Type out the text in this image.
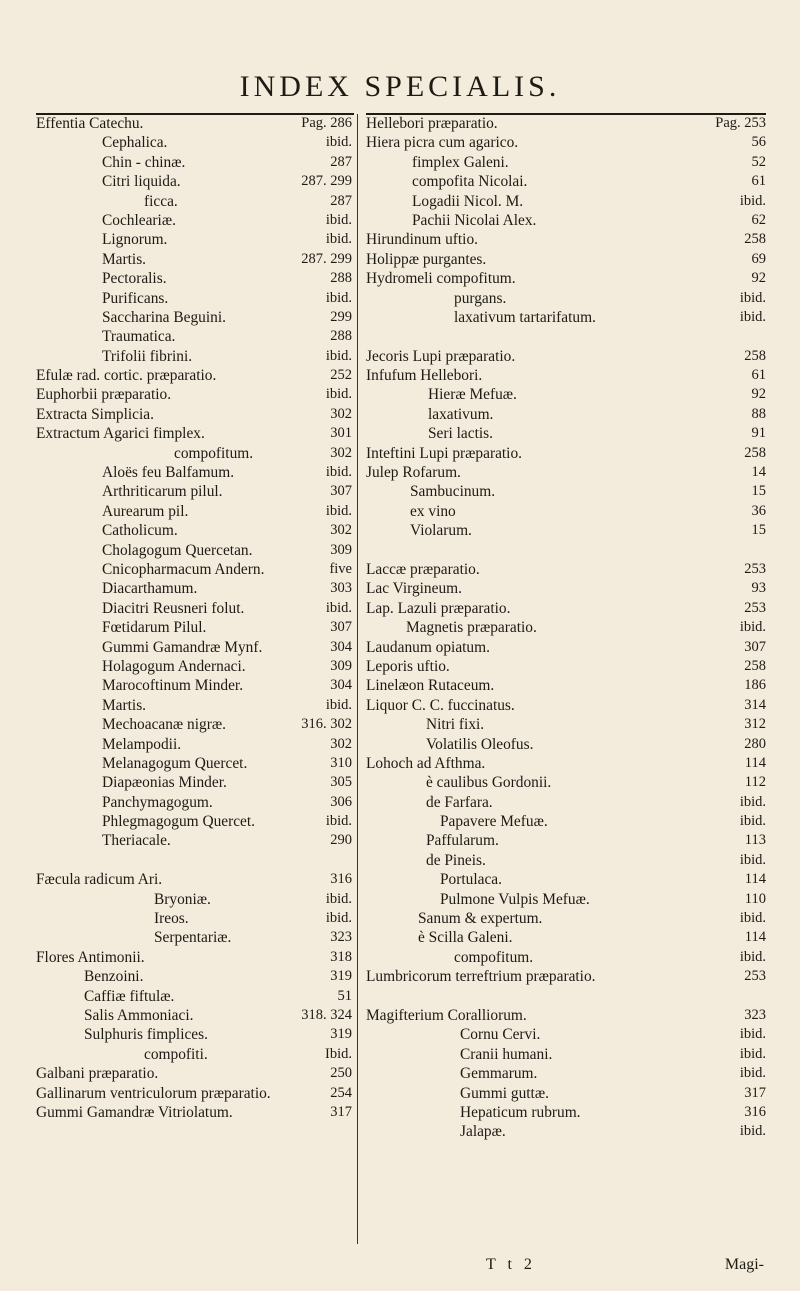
INDEX SPECIALIS.
Effentia Catechu.	Pag. 286
Cephalica.	ibid.
Chin - chinæ.	287
Citri liquida.	287. 299
ficca.	287
Cochleariæ.	ibid.
Lignorum.	ibid.
Martis.	287. 299
Pectoralis.	288
Purificans.	ibid.
Saccharina Beguini.	299
Traumatica.	288
Trifolii fibrini.	ibid.
Efulæ rad. cortic. præparatio.	252
Euphorbii præparatio.	ibid.
Extracta Simplicia.	302
Extractum Agarici fimplex.	301
compofitum.	302
Aloës feu Balfamum.	ibid.
Arthriticarum pilul.	307
Aurearum pil.	ibid.
Catholicum.	302
Cholagogum Quercetan.	309
Cnicopharmacum Andern.	five
Diacarthamum.	303
Diacitri Reusneri folut.	ibid.
Fœtidarum Pilul.	307
Gummi Gamandræ Mynf.	304
Holagogum Andernaci.	309
Marocoftinum Minder.	304
Martis.	ibid.
Mechoacanæ nigræ.	316. 302
Melampodii.	302
Melanagogum Quercet.	310
Diapæonias Minder.	305
Panchymagogum.	306
Phlegmagogum Quercet.	ibid.
Theriacale.	290
Fæcula radicum Ari.	316
Bryoniæ.	ibid.
Ireos.	ibid.
Serpentariæ.	323
Flores Antimonii.	318
Benzoini.	319
Caffiæ fiftulæ.	51
Salis Ammoniaci.	318. 324
Sulphuris fimplices.	319
compofiti.	Ibid.
Galbani præparatio.	250
Gallinarum ventriculorum præparatio.	254
Gummi Gamandræ Vitriolatum.	317
Hellebori præparatio.	Pag. 253
Hiera picra cum agarico.	56
fimplex Galeni.	52
compofita Nicolai.	61
Logadii Nicol. M.	ibid.
Pachii Nicolai Alex.	62
Hirundinum uftio.	258
Holippæ purgantes.	69
Hydromeli compofitum.	92
purgans.	ibid.
laxativum tartarifatum.	ibid.
Jecoris Lupi præparatio.	258
Infufum Hellebori.	61
Hieræ Mefuæ.	92
laxativum.	88
Seri lactis.	91
Inteftini Lupi præparatio.	258
Julep Rofarum.	14
Sambucinum.	15
ex vino	36
Violarum.	15
Laccæ præparatio.	253
Lac Virgineum.	93
Lap. Lazuli præparatio.	253
Magnetis præparatio.	ibid.
Laudanum opiatum.	307
Leporis uftio.	258
Linelæon Rutaceum.	186
Liquor C. C. fuccinatus.	314
Nitri fixi.	312
Volatilis Oleofus.	280
Lohoch ad Afthma.	114
è caulibus Gordonii.	112
de Farfara.	ibid.
Papavere Mefuæ.	ibid.
Paffularum.	113
de Pineis.	ibid.
Portulaca.	114
Pulmone Vulpis Mefuæ.	110
Sanum & expertum.	ibid.
è Scilla Galeni.	114
compofitum.	ibid.
Lumbricorum terreftrium præparatio.	253
Magifterium Coralliorum.	323
Cornu Cervi.	ibid.
Cranii humani.	ibid.
Gemmarum.	ibid.
Gummi guttæ.	317
Hepaticum rubrum.	316
Jalapæ.	ibid.
T t 2	Magi-
